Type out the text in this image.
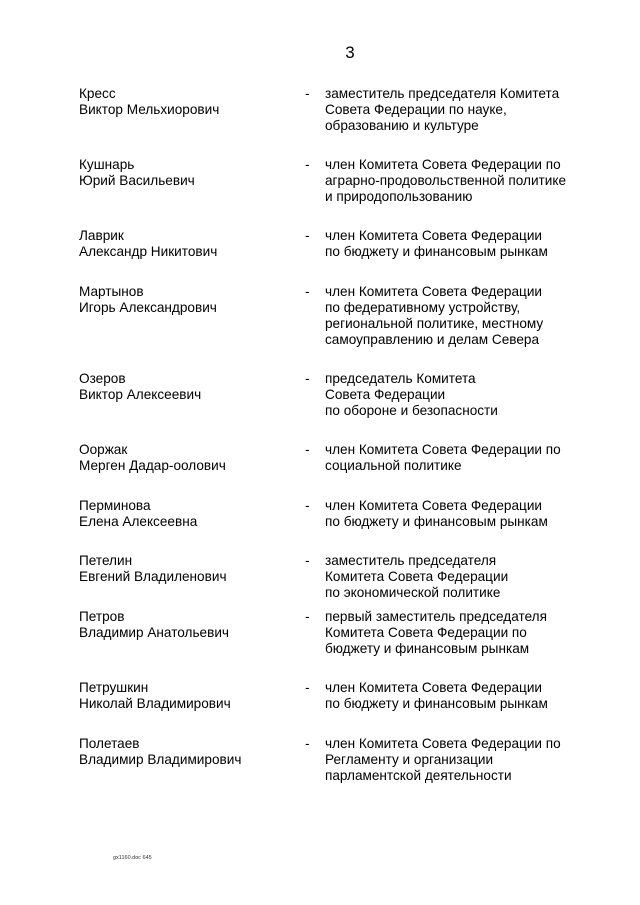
3
Кресс
Виктор Мельхиорович
- заместитель председателя Комитета
Совета Федерации по науке,
образованию и культуре
Кушнарь
Юрий Васильевич
- член Комитета Совета Федерации по
аграрно-продовольственной политике
и природопользованию
Лаврик
Александр Никитович
- член Комитета Совета Федерации
по бюджету и финансовым рынкам
Мартынов
Игорь Александрович
- член Комитета Совета Федерации
по федеративному устройству,
региональной политике, местному
самоуправлению и делам Севера
Озеров
Виктор Алексеевич
- председатель Комитета
Совета Федерации
по обороне и безопасности
Ооржак
Мерген Дадар-оолович
- член Комитета Совета Федерации по
социальной политике
Перминова
Елена Алексеевна
- член Комитета Совета Федерации
по бюджету и финансовым рынкам
Петелин
Евгений Владиленович
- заместитель председателя
Комитета Совета Федерации
по экономической политике
Петров
Владимир Анатольевич
- первый заместитель председателя
Комитета Совета Федерации по
бюджету и финансовым рынкам
Петрушкин
Николай Владимирович
- член Комитета Совета Федерации
по бюджету и финансовым рынкам
Полетаев
Владимир Владимирович
- член Комитета Совета Федерации по
Регламенту и организации
парламентской деятельности
gx1160.doc 645
